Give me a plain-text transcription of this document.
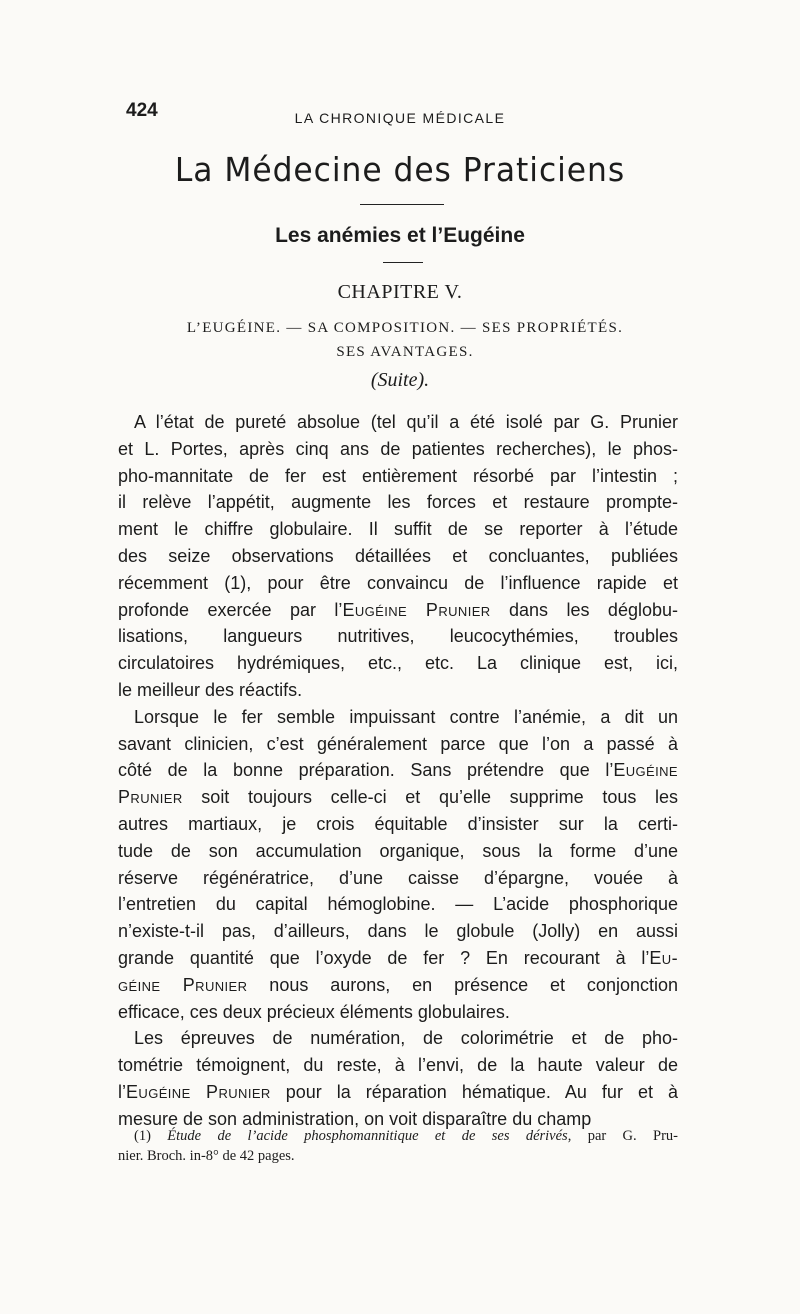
424	LA CHRONIQUE MÉDICALE
La Médecine des Praticiens
Les anémies et l’Eugéine
CHAPITRE V.
L’EUGÉINE. — SA COMPOSITION. — SES PROPRIÉTÉS.
SES AVANTAGES.
(Suite).
A l’état de pureté absolue (tel qu’il a été isolé par G. Prunier
et L. Portes, après cinq ans de patientes recherches), le phos-
pho-mannitate de fer est entièrement résorbé par l’intestin ;
il relève l’appétit, augmente les forces et restaure prompte-
ment le chiffre globulaire. Il suffit de se reporter à l’étude
des seize observations détaillées et concluantes, publiées
récemment (1), pour être convaincu de l’influence rapide et
profonde exercée par l’Eugéine Prunier dans les déglobu-
lisations, langueurs nutritives, leucocythémies, troubles
circulatoires hydrémiques, etc., etc. La clinique est, ici,
le meilleur des réactifs.
Lorsque le fer semble impuissant contre l’anémie, a dit un
savant clinicien, c’est généralement parce que l’on a passé à
côté de la bonne préparation. Sans prétendre que l’Eugéine
Prunier soit toujours celle-ci et qu’elle supprime tous les
autres martiaux, je crois équitable d’insister sur la certi-
tude de son accumulation organique, sous la forme d’une
réserve régénératrice, d’une caisse d’épargne, vouée à
l’entretien du capital hémoglobine. — L’acide phosphorique
n’existe-t-il pas, d’ailleurs, dans le globule (Jolly) en aussi
grande quantité que l’oxyde de fer ? En recourant à l’Eu-
géine Prunier nous aurons, en présence et conjonction
efficace, ces deux précieux éléments globulaires.
Les épreuves de numération, de colorimétrie et de pho-
tométrie témoignent, du reste, à l’envi, de la haute valeur de
l’Eugéine Prunier pour la réparation hématique. Au fur et à
mesure de son administration, on voit disparaître du champ
(1) Étude de l’acide phosphomannitique et de ses dérivés, par G. Pru-
nier. Broch. in-8° de 42 pages.
